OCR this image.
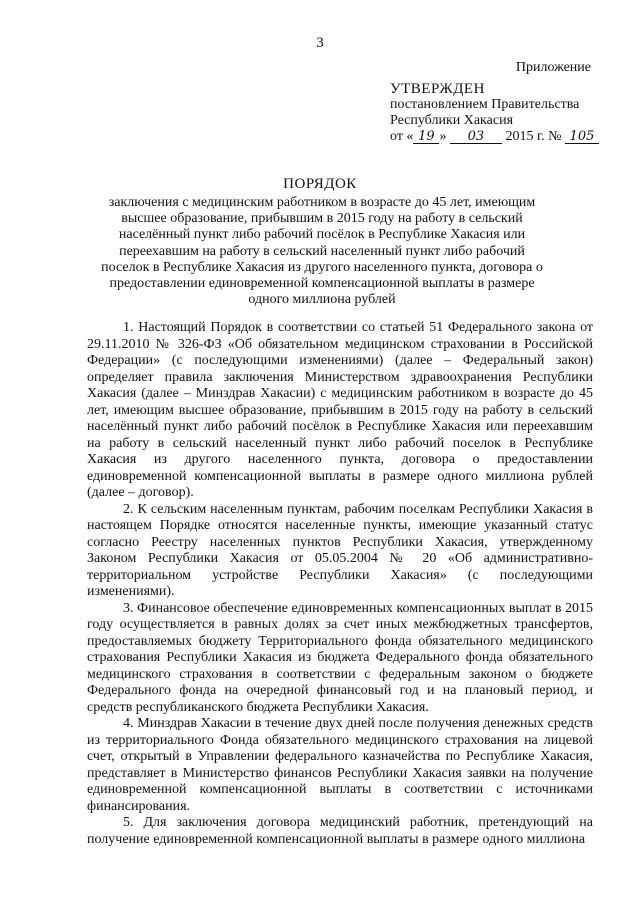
3
Приложение
УТВЕРЖДЕН
постановлением Правительства
Республики Хакасия
от « 19 » 03 2015 г. № 105
ПОРЯДОК
заключения с медицинским работником в возрасте до 45 лет, имеющим высшее образование, прибывшим в 2015 году на работу в сельский населённый пункт либо рабочий посёлок в Республике Хакасия или переехавшим на работу в сельский населенный пункт либо рабочий поселок в Республике Хакасия из другого населенного пункта, договора о предоставлении единовременной компенсационной выплаты в размере одного миллиона рублей

1. Настоящий Порядок в соответствии со статьей 51 Федерального закона от 29.11.2010 № 326-ФЗ «Об обязательном медицинском страховании в Российской Федерации» (с последующими изменениями) (далее – Федеральный закон) определяет правила заключения Министерством здравоохранения Республики Хакасия (далее – Минздрав Хакасии) с медицинским работником в возрасте до 45 лет, имеющим высшее образование, прибывшим в 2015 году на работу в сельский населённый пункт либо рабочий посёлок в Республике Хакасия или переехавшим на работу в сельский населенный пункт либо рабочий поселок в Республике Хакасия из другого населенного пункта, договора о предоставлении единовременной компенсационной выплаты в размере одного миллиона рублей (далее – договор).

2. К сельским населенным пунктам, рабочим поселкам Республики Хакасия в настоящем Порядке относятся населенные пункты, имеющие указанный статус согласно Реестру населенных пунктов Республики Хакасия, утвержденному Законом Республики Хакасия от 05.05.2004 № 20 «Об административно-территориальном устройстве Республики Хакасия» (с последующими изменениями).

3. Финансовое обеспечение единовременных компенсационных выплат в 2015 году осуществляется в равных долях за счет иных межбюджетных трансфертов, предоставляемых бюджету Территориального фонда обязательного медицинского страхования Республики Хакасия из бюджета Федерального фонда обязательного медицинского страхования в соответствии с федеральным законом о бюджете Федерального фонда на очередной финансовый год и на плановый период, и средств республиканского бюджета Республики Хакасия.

4. Минздрав Хакасии в течение двух дней после получения денежных средств из территориального Фонда обязательного медицинского страхования на лицевой счет, открытый в Управлении федерального казначейства по Республике Хакасия, представляет в Министерство финансов Республики Хакасия заявки на получение единовременной компенсационной выплаты в соответствии с источниками финансирования.

5. Для заключения договора медицинский работник, претендующий на получение единовременной компенсационной выплаты в размере одного миллиона
